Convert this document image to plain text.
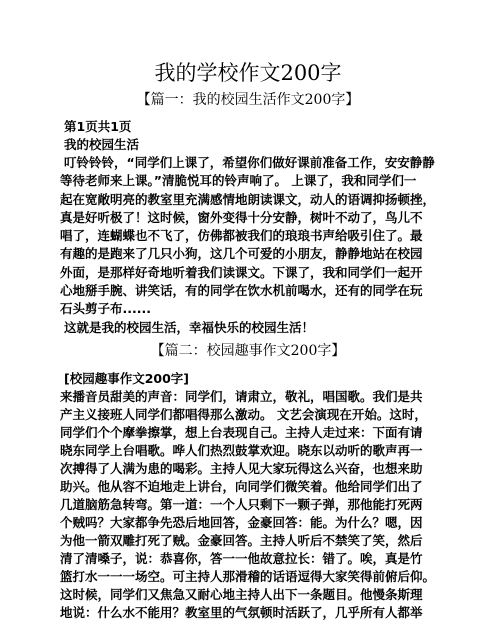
我的学校作文200字
【篇一：我的校园生活作文200字】

第1页共1页

我的校园生活

叮铃铃铃，“同学们上课了，希望你们做好课前准备工作，安安静静

等待老师来上课。”清脆悦耳的铃声响了。 上课了，我和同学们一

起在宽敞明亮的教室里充满感情地朗读课文，动人的语调抑扬顿挫，

真是好听极了！这时候，窗外变得十分安静，树叶不动了，鸟儿不

唱了，连蝴蝶也不飞了，仿佛都被我们的琅琅书声给吸引住了。最

有趣的是跑来了几只小狗，这几个可爱的小朋友，静静地站在校园

外面，是那样好奇地听着我们读课文。下课了，我和同学们一起开

心地掰手腕、讲笑话，有的同学在饮水机前喝水，还有的同学在玩

石头剪子布......

这就是我的校园生活，幸福快乐的校园生活！

【篇二：校园趣事作文200字】

[校园趣事作文200字]

来播音员甜美的声音：同学们，请肃立，敬礼，唱国歌。我们是共

产主义接班人同学们都唱得那么激动。 文艺会演现在开始。这时，

同学们个个摩拳擦掌，想上台表现自己。主持人走过来：下面有请

晓东同学上台唱歌。哗人们热烈鼓掌欢迎。晓东以动听的歌声再一

次搏得了人满为患的喝彩。主持人见大家玩得这么兴奋，也想来助

助兴。他从容不迫地走上讲台，向同学们微笑着。他给同学们出了

几道脑筋急转弯。第一道：一个人只剩下一颗子弹，那他能打死两

个贼吗？大家都争先恐后地回答，金豪回答：能。为什么？嗯，因

为他一箭双雕打死了贼。金豪回答。主持人听后不禁笑了笑，然后

清了清嗓子，说：恭喜你，答一一他故意拉长：错了。唉，真是竹

篮打水一一一场空。可主持人那滑稽的话语逗得大家笑得前俯后仰。

这时候，同学们又焦急又耐心地主持人出下一条题目。他慢条斯理

地说：什么水不能用？教室里的气氛顿时活跃了，几乎所有人都举
